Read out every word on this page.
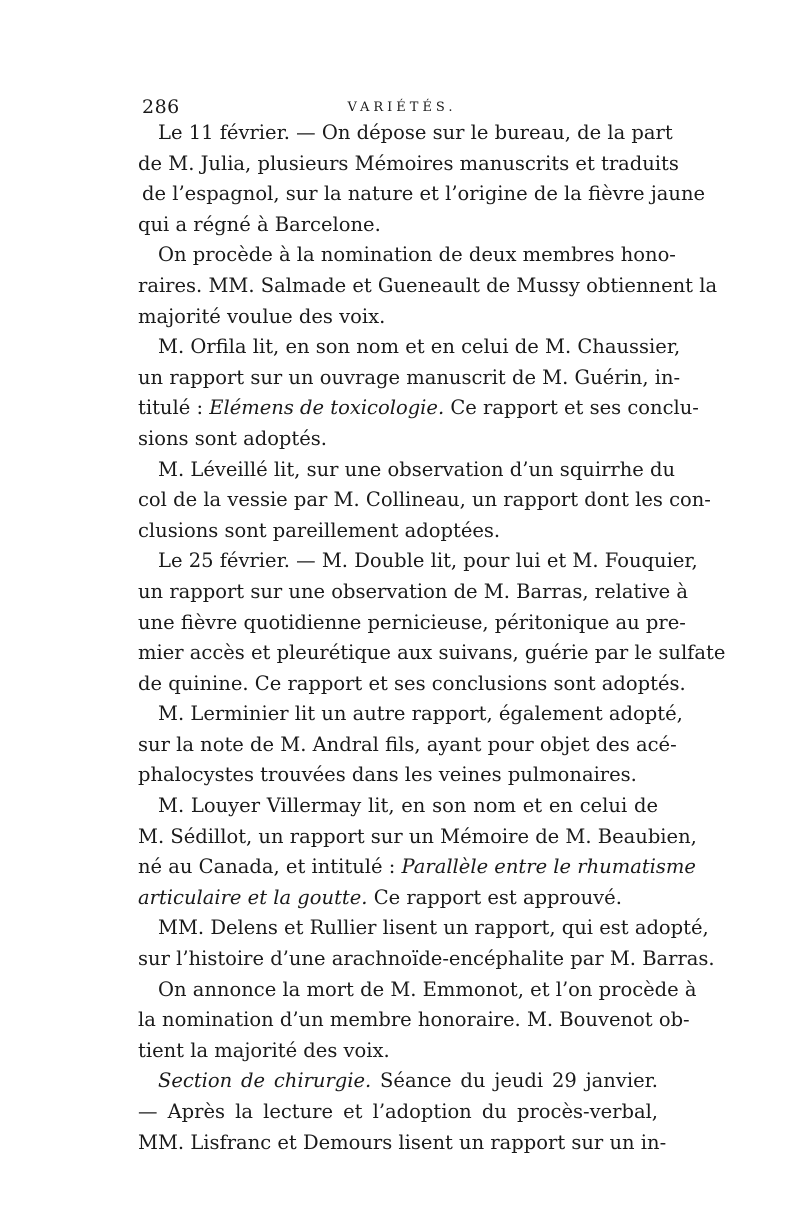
286	VARIÉTÉS.
Le 11 février. — On dépose sur le bureau, de la part
de M. Julia, plusieurs Mémoires manuscrits et traduits
de l’espagnol, sur la nature et l’origine de la fièvre jaune
qui a régné à Barcelone.
On procède à la nomination de deux membres hono-
raires. MM. Salmade et Gueneault de Mussy obtiennent la
majorité voulue des voix.
M. Orfila lit, en son nom et en celui de M. Chaussier,
un rapport sur un ouvrage manuscrit de M. Guérin, in-
titulé : Elémens de toxicologie. Ce rapport et ses conclu-
sions sont adoptés.
M. Léveillé lit, sur une observation d’un squirrhe du
col de la vessie par M. Collineau, un rapport dont les con-
clusions sont pareillement adoptées.
Le 25 février. — M. Double lit, pour lui et M. Fouquier,
un rapport sur une observation de M. Barras, relative à
une fièvre quotidienne pernicieuse, péritonique au pre-
mier accès et pleurétique aux suivans, guérie par le sulfate
de quinine. Ce rapport et ses conclusions sont adoptés.
M. Lerminier lit un autre rapport, également adopté,
sur la note de M. Andral fils, ayant pour objet des acé-
phalocystes trouvées dans les veines pulmonaires.
M. Louyer Villermay lit, en son nom et en celui de
M. Sédillot, un rapport sur un Mémoire de M. Beaubien,
né au Canada, et intitulé : Parallèle entre le rhumatisme
articulaire et la goutte. Ce rapport est approuvé.
MM. Delens et Rullier lisent un rapport, qui est adopté,
sur l’histoire d’une arachnoïde-encéphalite par M. Barras.
On annonce la mort de M. Emmonot, et l’on procède à
la nomination d’un membre honoraire. M. Bouvenot ob-
tient la majorité des voix.
Section de chirurgie. Séance du jeudi 29 janvier.
— Après la lecture et l’adoption du procès-verbal,
MM. Lisfranc et Demours lisent un rapport sur un in-
